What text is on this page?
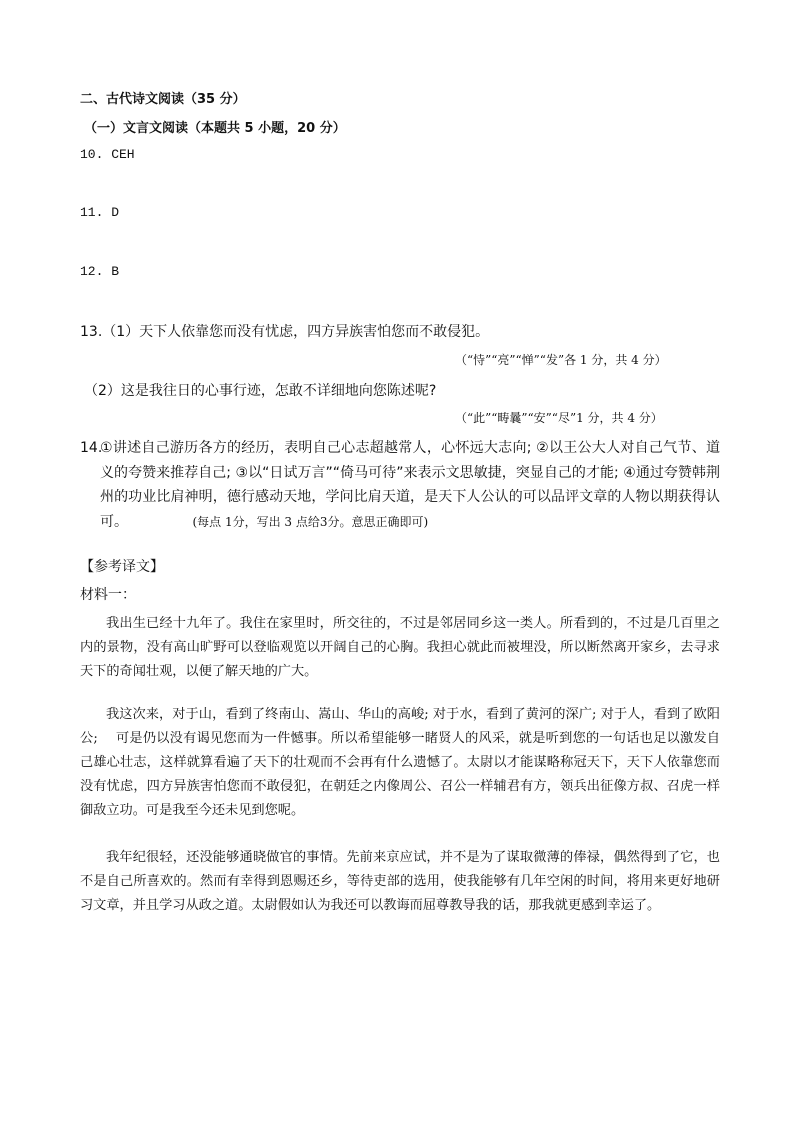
二、古代诗文阅读（35 分）
（一）文言文阅读（本题共 5 小题，20 分）
10. CEH
11. D
12. B
13.（1）天下人依靠您而没有忧虑，四方异族害怕您而不敢侵犯。
（“恃”“亮”“惮”“发”各 1 分，共 4 分）
（2）这是我往日的心事行迹，怎敢不详细地向您陈述呢?
（“此”“畴曩”“安”“尽”1 分，共 4 分）
14.
①讲述自己游历各方的经历，表明自己心志超越常人，心怀远大志向; ②以王公大人对自己气节、道义的夸赞来推荐自己; ③以“日试万言”“倚马可待”来表示文思敏捷，突显自己的才能; ④通过夸赞韩荆州的功业比肩神明，德行感动天地，学问比肩天道，是天下人公认的可以品评文章的人物以期获得认可。	(每点 1分，写出 3 点给3分。意思正确即可)
【参考译文】
材料一：
我出生已经十九年了。我住在家里时，所交往的，不过是邻居同乡这一类人。所看到的，不过是几百里之内的景物，没有高山旷野可以登临观览以开阔自己的心胸。我担心就此而被埋没，所以断然离开家乡，去寻求天下的奇闻壮观，以便了解天地的广大。
我这次来，对于山，看到了终南山、嵩山、华山的高峻; 对于水，看到了黄河的深广; 对于人，看到了欧阳公;　 可是仍以没有谒见您而为一件憾事。所以希望能够一睹贤人的风采，就是听到您的一句话也足以激发自己雄心壮志，这样就算看遍了天下的壮观而不会再有什么遗憾了。太尉以才能谋略称冠天下，天下人依靠您而没有忧虑，四方异族害怕您而不敢侵犯，在朝廷之内像周公、召公一样辅君有方，领兵出征像方叔、召虎一样御敌立功。可是我至今还未见到您呢。
我年纪很轻，还没能够通晓做官的事情。先前来京应试，并不是为了谋取微薄的俸禄，偶然得到了它，也不是自己所喜欢的。然而有幸得到恩赐还乡，等待吏部的选用，使我能够有几年空闲的时间，将用来更好地研习文章，并且学习从政之道。太尉假如认为我还可以教诲而屈尊教导我的话，那我就更感到幸运了。
